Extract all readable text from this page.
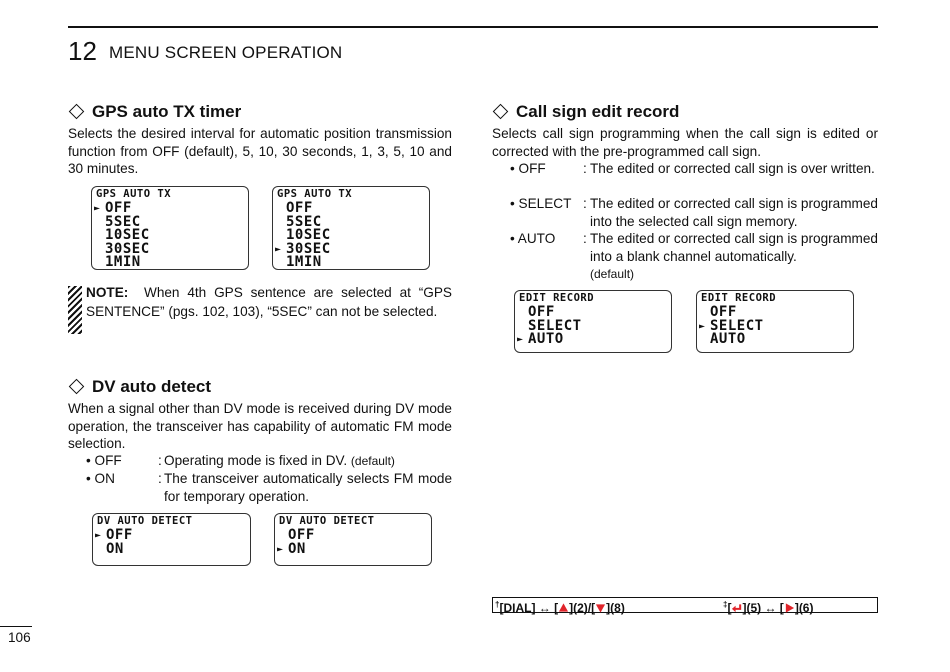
12 MENU SCREEN OPERATION
GPS auto TX timer
Selects the desired interval for automatic position transmission function from OFF (default), 5, 10, 30 seconds, 1, 3, 5, 10 and 30 minutes.
GPS AUTO TX
► OFF
5SEC
10SEC
30SEC
1MIN
GPS AUTO TX
OFF
5SEC
10SEC
► 30SEC
1MIN
NOTE: When 4th GPS sentence are selected at “GPS SENTENCE” (pgs. 102, 103), “5SEC” can not be selected.
DV auto detect
When a signal other than DV mode is received during DV mode operation, the transceiver has capability of automatic FM mode selection.
• OFF	: Operating mode is fixed in DV. (default)
• ON	: The transceiver automatically selects FM mode for temporary operation.
DV AUTO DETECT
► OFF
ON
DV AUTO DETECT
OFF
► ON
Call sign edit record
Selects call sign programming when the call sign is edited or corrected with the pre-programmed call sign.
• OFF	: The edited or corrected call sign is over written.
• SELECT : The edited or corrected call sign is programmed into the selected call sign memory.
• AUTO : The edited or corrected call sign is programmed into a blank channel automatically.
(default)
EDIT RECORD
OFF
SELECT
► AUTO
EDIT RECORD
OFF
► SELECT
AUTO
†[DIAL] ↔ [ ](2)/[ ](8)	‡[ ](5) ↔ [ ](6)
106
